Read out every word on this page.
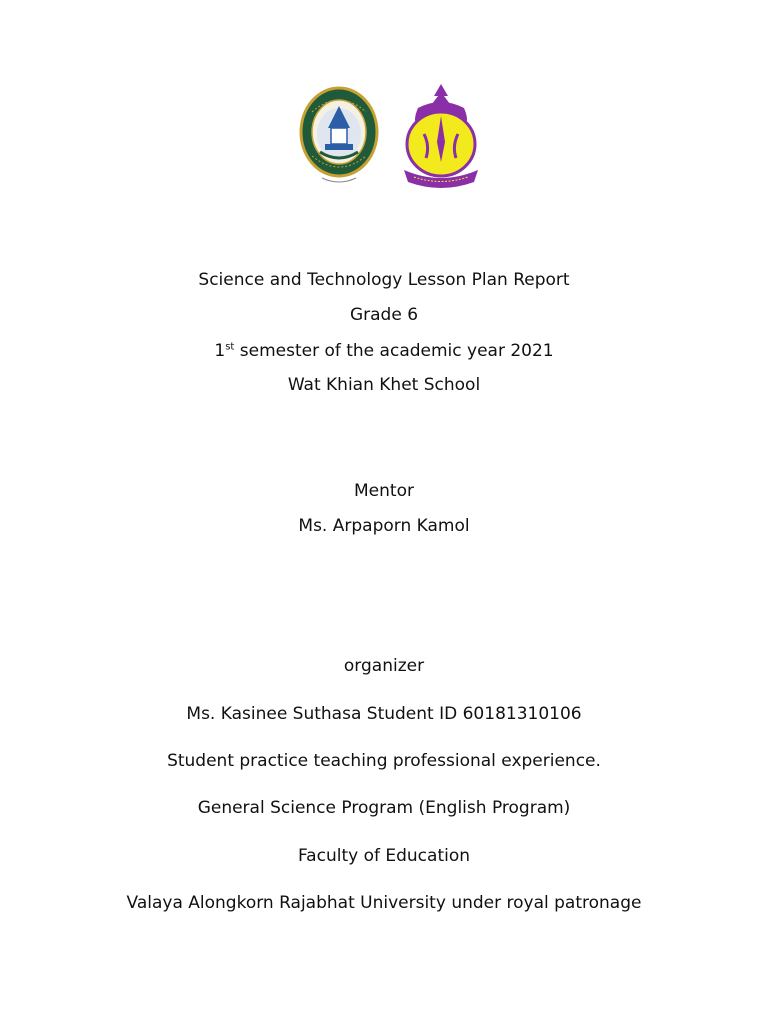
Science and Technology Lesson Plan Report
Grade 6
1st semester of the academic year 2021
Wat Khian Khet School
Mentor
Ms. Arpaporn Kamol
organizer
Ms. Kasinee Suthasa Student ID 60181310106
Student practice teaching professional experience.
General Science Program (English Program)
Faculty of Education
Valaya Alongkorn Rajabhat University under royal patronage
